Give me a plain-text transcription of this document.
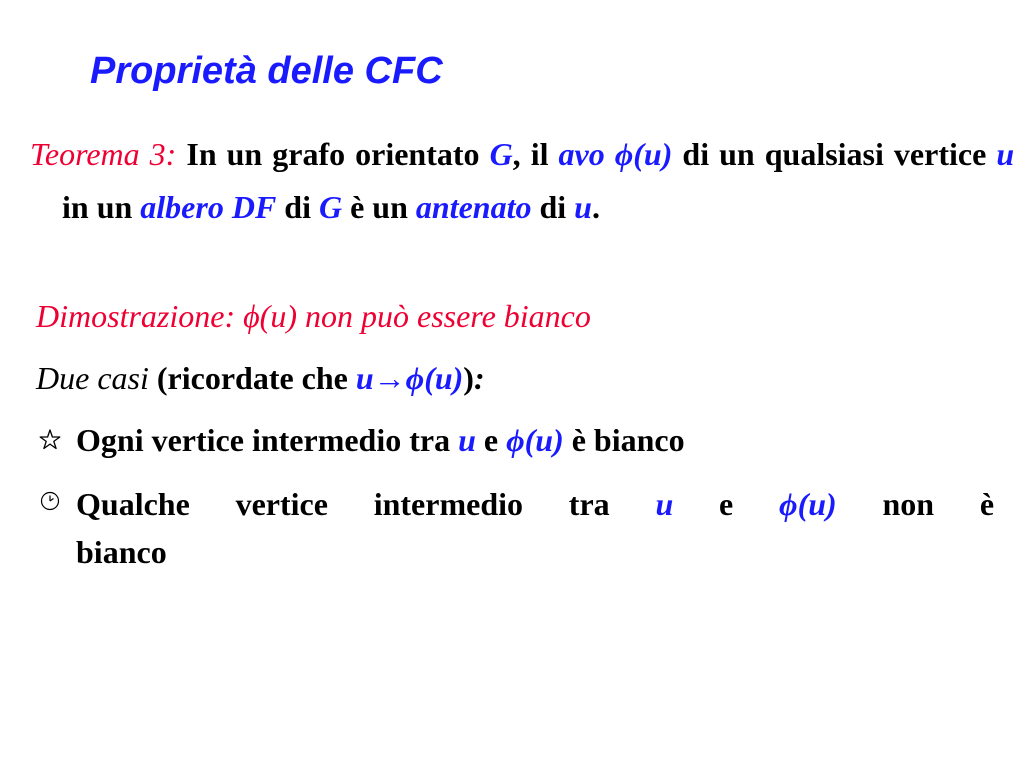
Proprietà delle CFC
Teorema 3: In un grafo orientato G, il avo ϕ(u) di un qualsiasi vertice u in un albero DF di G è un antenato di u.
Dimostrazione: ϕ(u) non può essere bianco
Due casi (ricordate che u→ϕ(u)):
Ogni vertice intermedio tra u e ϕ(u) è bianco
Qualche vertice intermedio tra u e ϕ(u) non è
bianco
